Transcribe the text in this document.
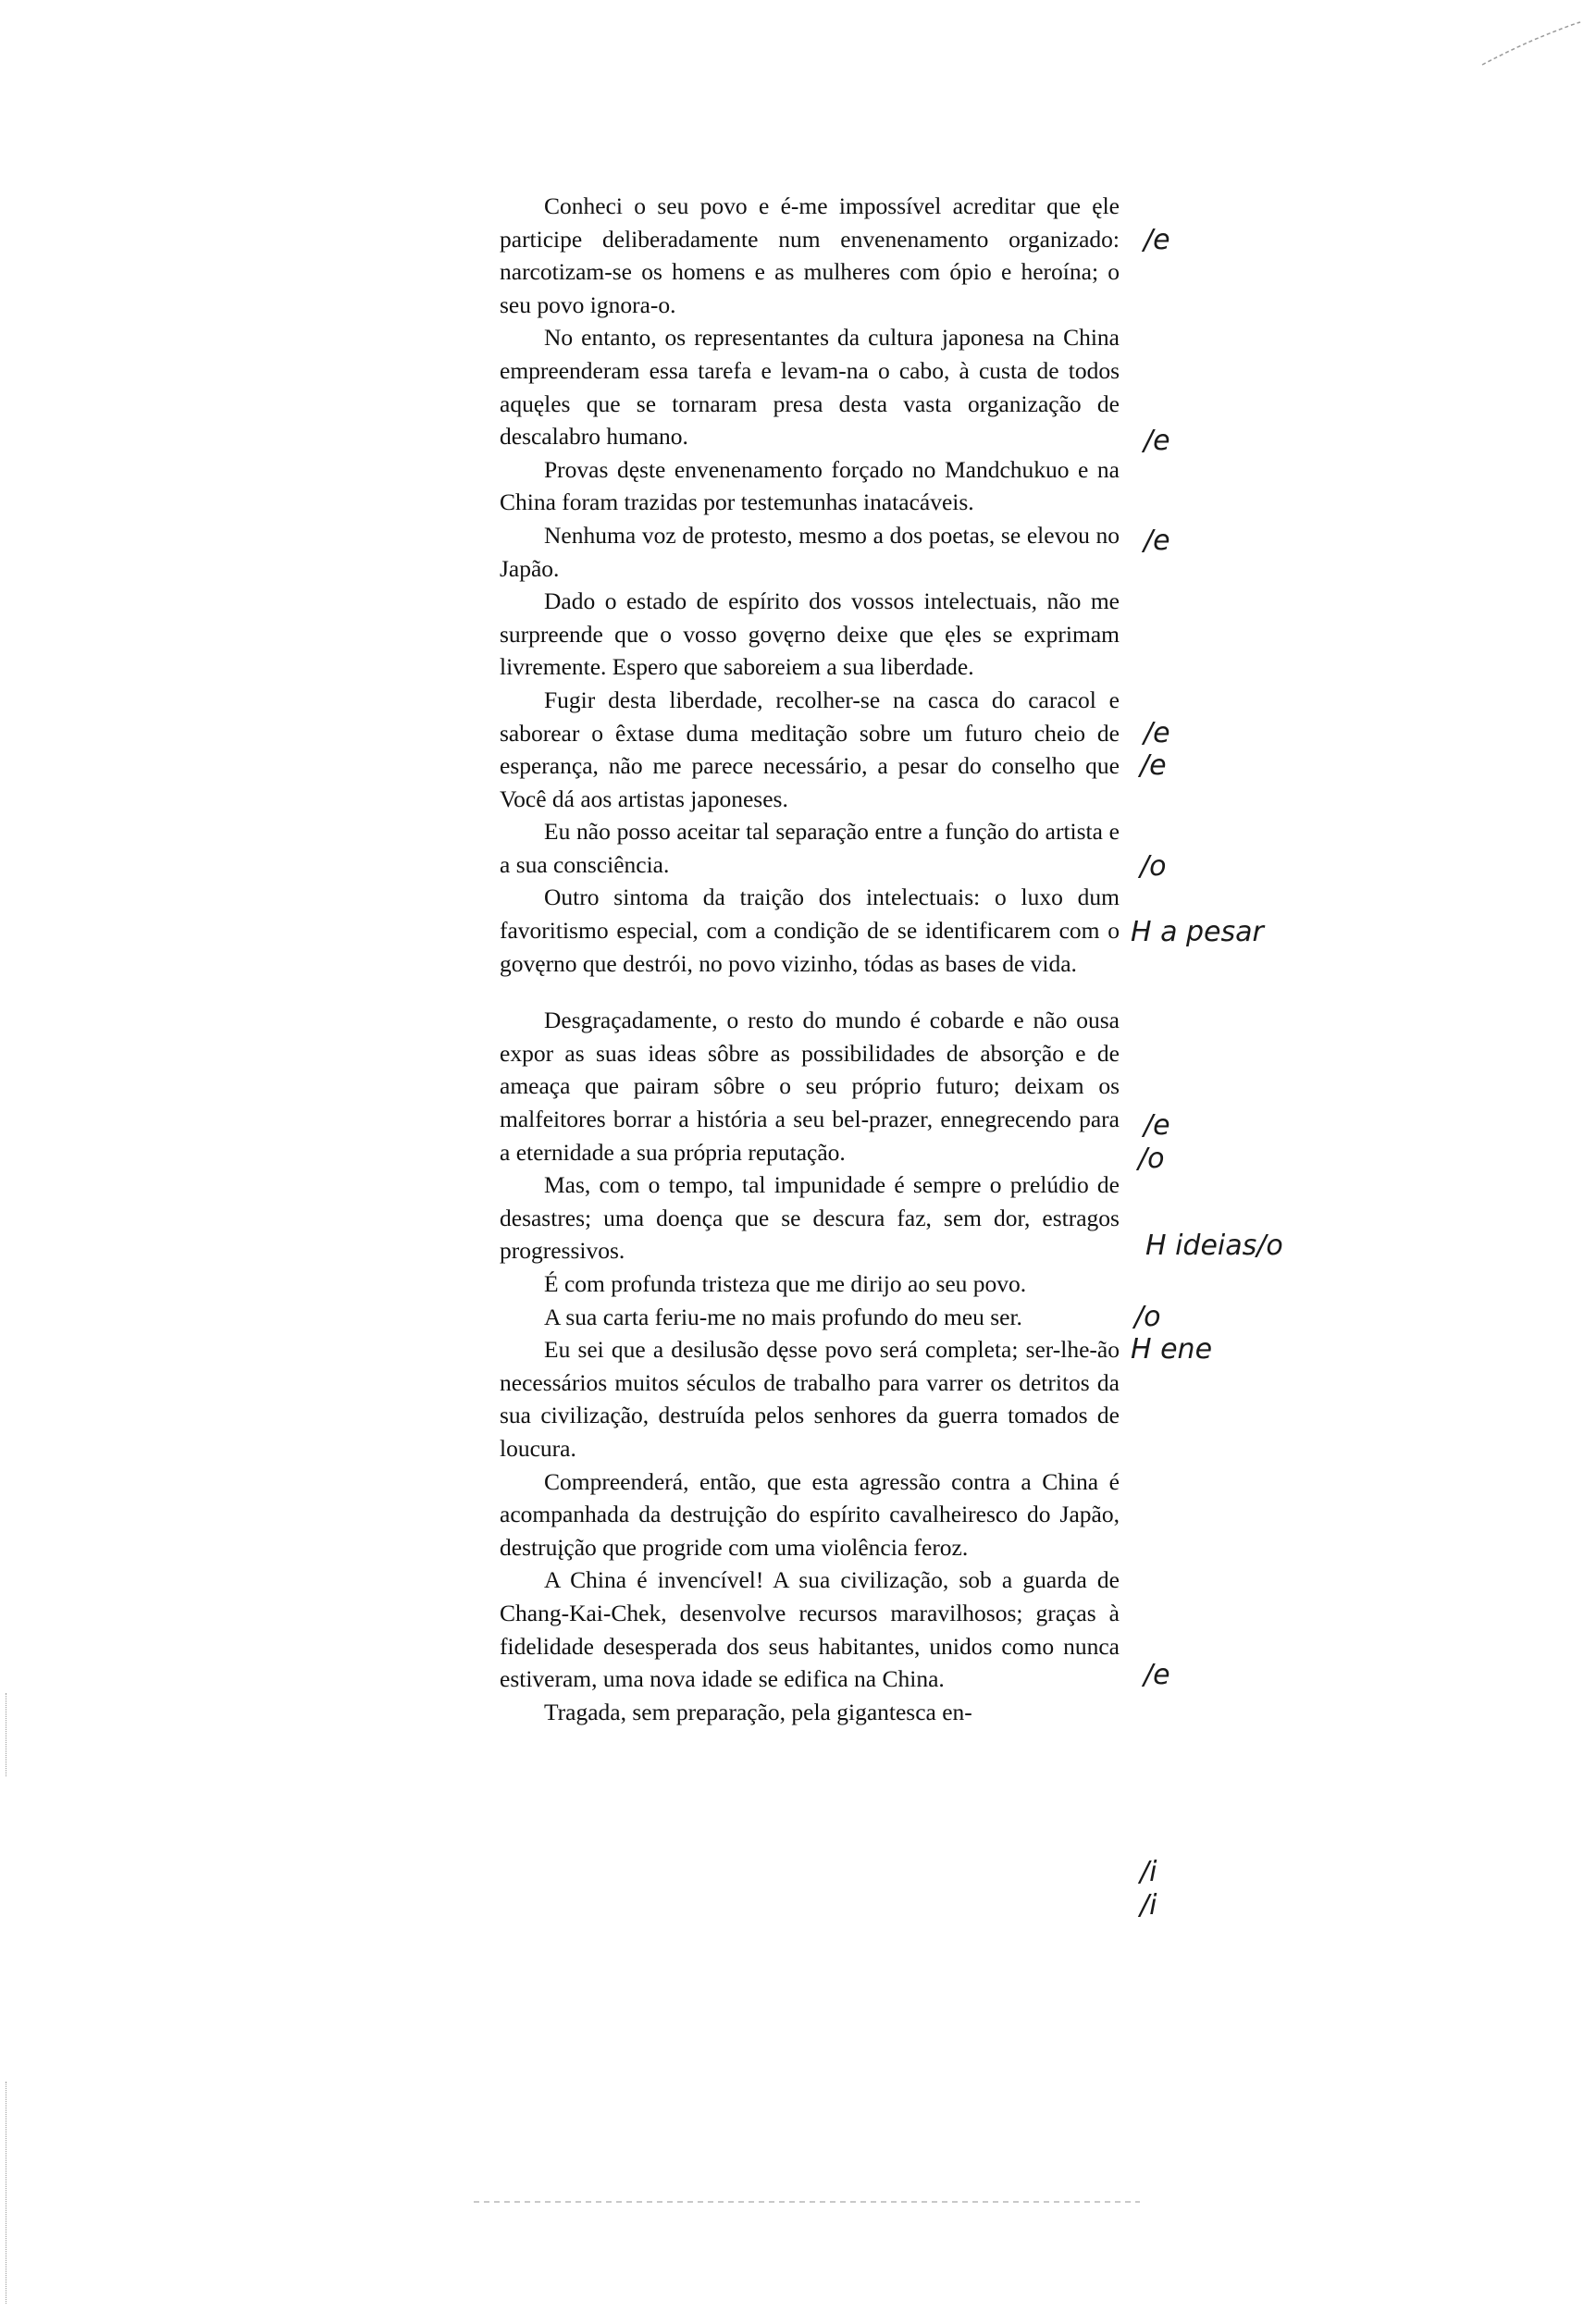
Conheci o seu povo e é-me impossível acreditar que ęle participe deliberadamente num envenenamento organizado: narcotizam-se os homens e as mulheres com ópio e heroína; o seu povo ignora-o.

No entanto, os representantes da cultura japonesa na China empreenderam essa tarefa e levam-na o cabo, à custa de todos aquęles que se tornaram presa desta vasta organização de descalabro humano.

Provas dęste envenenamento forçado no Mandchukuo e na China foram trazidas por testemunhas inatacáveis.

Nenhuma voz de protesto, mesmo a dos poetas, se elevou no Japão.

Dado o estado de espírito dos vossos intelectuais, não me surpreende que o vosso govęrno deixe que ęles se exprimam livremente. Espero que saboreiem a sua liberdade.

Fugir desta liberdade, recolher-se na casca do caracol e saborear o êxtase duma meditação sobre um futuro cheio de esperança, não me parece necessário, a pesar do conselho que Você dá aos artistas japoneses.

Eu não posso aceitar tal separação entre a função do artista e a sua consciência.

Outro sintoma da traição dos intelectuais: o luxo dum favoritismo especial, com a condição de se identificarem com o govęrno que destrói, no povo vizinho, tódas as bases de vida.

Desgraçadamente, o resto do mundo é cobarde e não ousa expor as suas ideas sôbre as possibilidades de absorção e de ameaça que pairam sôbre o seu próprio futuro; deixam os malfeitores borrar a história a seu bel-prazer, ennegrecendo para a eternidade a sua própria reputação.

Mas, com o tempo, tal impunidade é sempre o prelúdio de desastres; uma doença que se descura faz, sem dor, estragos progressivos.

É com profunda tristeza que me dirijo ao seu povo.

A sua carta feriu-me no mais profundo do meu ser.

Eu sei que a desilusão dęsse povo será completa; ser-lhe-ão necessários muitos séculos de trabalho para varrer os detritos da sua civilização, destruída pelos senhores da guerra tomados de loucura.

Compreenderá, então, que esta agressão contra a China é acompanhada da destruįção do espírito cavalheiresco do Japão, destruįção que progride com uma violência feroz.

A China é invencível! A sua civilização, sob a guarda de Chang-Kai-Chek, desenvolve recursos maravilhosos; graças à fidelidade desesperada dos seus habitantes, unidos como nunca estiveram, uma nova idade se edifica na China.

Tragada, sem preparação, pela gigantesca en-

/e
/e
/e
/e
/e
/o
H a pesar
/e
/o
H ideias/o
/o
H ene
/e
/i
/i
